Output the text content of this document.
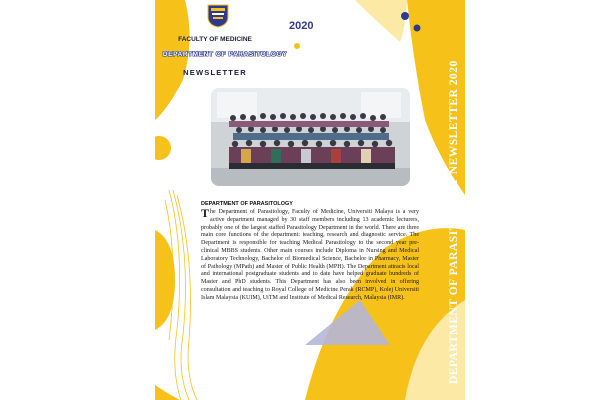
2020
FACULTY OF MEDICINE
DEPARTMENT OF PARASITOLOGY
NEWSLETTER
DEPARTMENT OF PARASITOLOGY

The Department of Parasitology, Faculty of Medicine, Universiti Malaya is a very active department managed by 30 staff members including 13 academic lecturers, probably one of the largest staffed Parasitology Department in the world. There are three main core functions of the department: teaching, research and diagnostic service. The Department is responsible for teaching Medical Parasitology to the second year pre-clinical MBBS students. Other main courses include Diploma in Nursing and Medical Laboratory Technology, Bachelor of Biomedical Science, Bachelor in Pharmacy, Master of Pathology (MPath) and Master of Public Health (MPH). The Department attracts local and international postgraduate students and to date have helped graduate hundreds of Master and PhD students. This Department has also been involved in offering consultation and teaching to Royal College of Medicine Perak (RCMP), Kolej Universiti Islam Malaysia (KUIM), UiTM and Institute of Medical Research, Malaysia (IMR).	DEPARTMENT OF PARASITOLGOY NEWSLETTER 2020
